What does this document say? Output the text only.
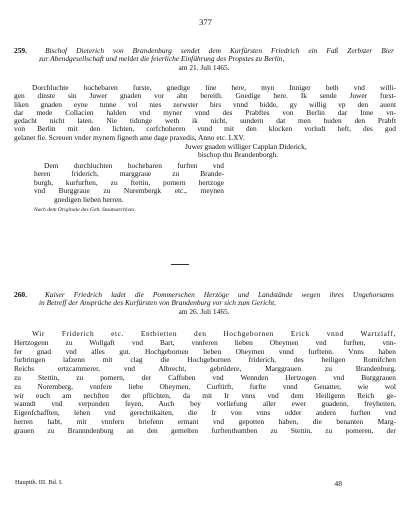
377
259. Bischof Dieterich von Brandenburg sendet dem Kurfürsten Friedrich ein Faß Zerbster Bier
zur Abendgesellschaft und meldet die feierliche Einführung des Propstes zu Berlin,
am 21. Juli 1465.
Dorchluchte hochebaren furste, gnedige line here, myn Inniger beth vnd willi-
gen dinste sin Juwer gnaden vor ahn bereith. Gnedige here. Ik sende Juwer furst-
liken gnaden eyne tunne vol nies zerwster birs vnnd bidde, gy willig vp den auent
dar mede Collacien halden vnd myner vnnd des Prabftes von Berlin dar Inne vn-
gedacht nicht laten. Nie tidunge weth ik nicht, sundern dat men huden den Prabft
von Berlin mit den lichten, corfchoheren vnnd mit den klocken vorludt heft, des god
gelanet fie. Screuen vnder mynem figneth ame dage praxedis, Anno etc. LXV.
Juwer gnaden williger Capplan Diderick,
bischop thu Brandenborgh.
Dem durchluchten hochebaren furften vnd
heren friderich, marggraue zu Brande-
burgh, kurfurften, zu ftettin, pomern hertzoge
vnd Burggraue zu Nurembergk etc., meynen
gnedigen lieben herren.
Nach dem Originale des Geh. Staatsarchives.
260. Kaiser Friedrich ladet die Pommerschen Herzöge und Landstände wegen ihres Ungehorsams
in Betreff der Ansprüche des Kurfürsten von Brandenburg vor sich zum Gericht,
am 26. Juli 1465.
Wir Friderich etc. Entbietten den Hochgebornen Erick vnnd Wartzlaff,
Hertzogenn zu Wollgaft vnd Bart, vnnferen lieben Oheymen vnd furften, vnn-
fer gnad vnd alles gut. Hochgebornen lieben Oheymen vnnd furftenn. Vnns haben
furbringen lafzenn mit clag die Hochgebornen friderich, des heiligen Romifchen
Reichs ertzcammerer, vnd Albrecht, gebrüdere, Marggrauen zu Brandenburg,
zu Stettin, zu pomern, der Caffuben vnd Wennden Hertzogen vnd Burggrauen
zu Noremberg, vnnfere liebe Oheymen, Curftirft, furfte vnnd Geuatter, wie wol
wir euch am nechften der pflichten, da mit Ir vnns vnd dem Heiligenn Reich ge-
wanndt vnd verpunden feyen, Auch bey vorliefung aller ewer guadenn, freyheiten,
Eigenfchafften, lehen vnd gerechtikaiten, die Ir von vnns odder andern furften vnd
herren habt, mit vnnfern briefenn ermant vnd gepotten haben, die benanten Marg-
grauen zu Brannndenburg an den gemelten furftenthumben zu Stettin, zu pomeren, der
Hauptth. III. Bd. I.	48
